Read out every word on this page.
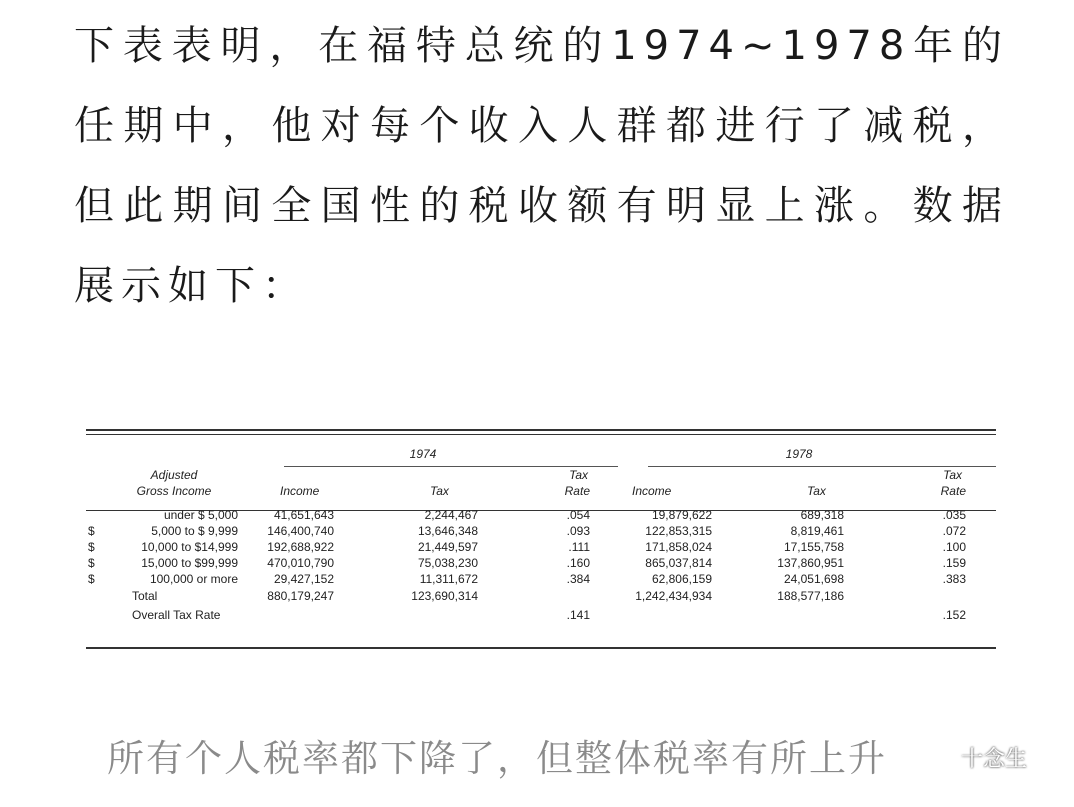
下表表明，在福特总统的1974~1978年的任期中，他对每个收入人群都进行了减税，但此期间全国性的税收额有明显上涨。数据展示如下：

		1974			1978		
	Adjusted			Tax			Tax
	Gross Income	Income	Tax	Rate	Income	Tax	Rate

	under $ 5,000	41,651,643	2,244,467	.054	19,879,622	689,318	.035
$	5,000 to $ 9,999	146,400,740	13,646,348	.093	122,853,315	8,819,461	.072
$	10,000 to $14,999	192,688,922	21,449,597	.111	171,858,024	17,155,758	.100
$	15,000 to $99,999	470,010,790	75,038,230	.160	865,037,814	137,860,951	.159
$	100,000 or more	29,427,152	11,311,672	.384	62,806,159	24,051,698	.383
	Total	880,179,247	123,690,314		1,242,434,934	188,577,186	
	Overall Tax Rate			.141			.152
所有个人税率都下降了，但整体税率有所上升	十念生
